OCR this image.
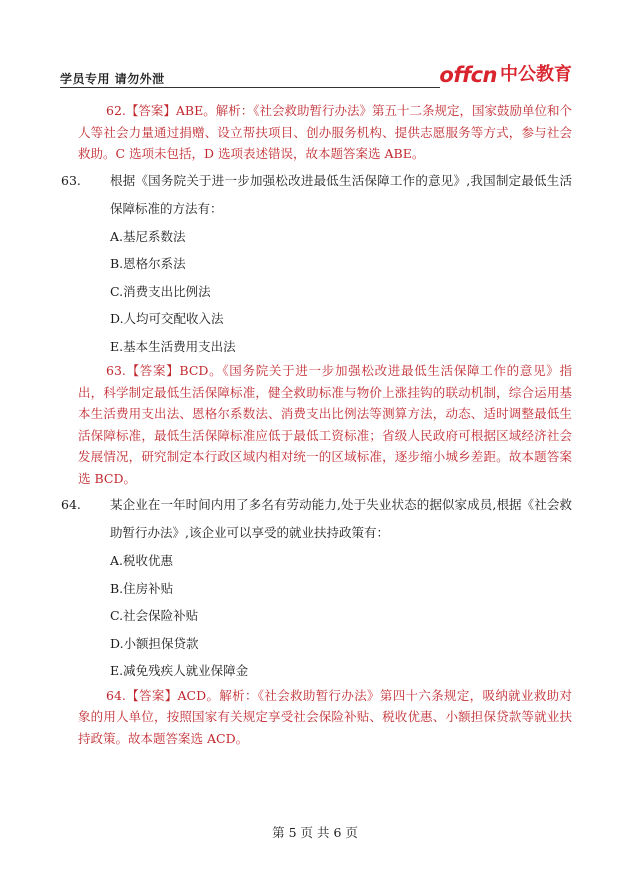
学员专用 请勿外泄	offcn 中公教育

62.【答案】ABE。解析：《社会救助暂行办法》第五十二条规定，国家鼓励单位和个人等社会力量通过捐赠、设立帮扶项目、创办服务机构、提供志愿服务等方式，参与社会救助。C 选项未包括，D 选项表述错误，故本题答案选 ABE。

63. 根据《国务院关于进一步加强松改进最低生活保障工作的意见》,我国制定最低生活保障标准的方法有：
A.基尼系数法
B.恩格尔系法
C.消费支出比例法
D.人均可交配收入法
E.基本生活费用支出法

63.【答案】BCD。《国务院关于进一步加强松改进最低生活保障工作的意见》指出，科学制定最低生活保障标准，健全救助标准与物价上涨挂钩的联动机制，综合运用基本生活费用支出法、恩格尔系数法、消费支出比例法等测算方法，动态、适时调整最低生活保障标准，最低生活保障标准应低于最低工资标准；省级人民政府可根据区域经济社会发展情况，研究制定本行政区域内相对统一的区域标准，逐步缩小城乡差距。故本题答案选 BCD。

64. 某企业在一年时间内用了多名有劳动能力,处于失业状态的据似家成员,根据《社会救助暂行办法》,该企业可以享受的就业扶持政策有：
A.税收优惠
B.住房补贴
C.社会保险补贴
D.小额担保贷款
E.减免残疾人就业保障金

64.【答案】ACD。解析：《社会救助暂行办法》第四十六条规定，吸纳就业救助对象的用人单位，按照国家有关规定享受社会保险补贴、税收优惠、小额担保贷款等就业扶持政策。故本题答案选 ACD。

第 5 页 共 6 页
